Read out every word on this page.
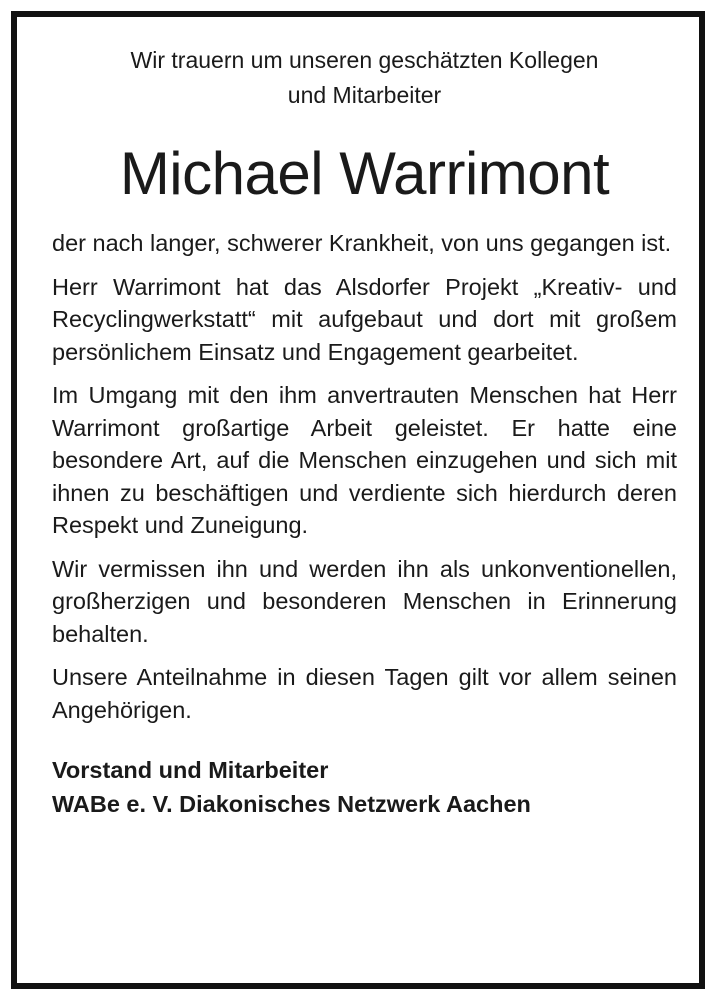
Wir trauern um unseren geschätzten Kollegen
und Mitarbeiter

Michael Warrimont

der nach langer, schwerer Krankheit, von uns gegangen ist.

Herr Warrimont hat das Alsdorfer Projekt „Kreativ- und Recyclingwerkstatt“ mit aufgebaut und dort mit großem persönlichem Einsatz und Engagement gearbeitet.

Im Umgang mit den ihm anvertrauten Menschen hat Herr Warrimont großartige Arbeit geleistet. Er hatte eine besondere Art, auf die Menschen einzugehen und sich mit ihnen zu beschäftigen und verdiente sich hierdurch deren Respekt und Zuneigung.

Wir vermissen ihn und werden ihn als unkonventionellen, großherzigen und besonderen Menschen in Erinnerung behalten.

Unsere Anteilnahme in diesen Tagen gilt vor allem seinen Angehörigen.

Vorstand und Mitarbeiter
WABe e. V. Diakonisches Netzwerk Aachen
